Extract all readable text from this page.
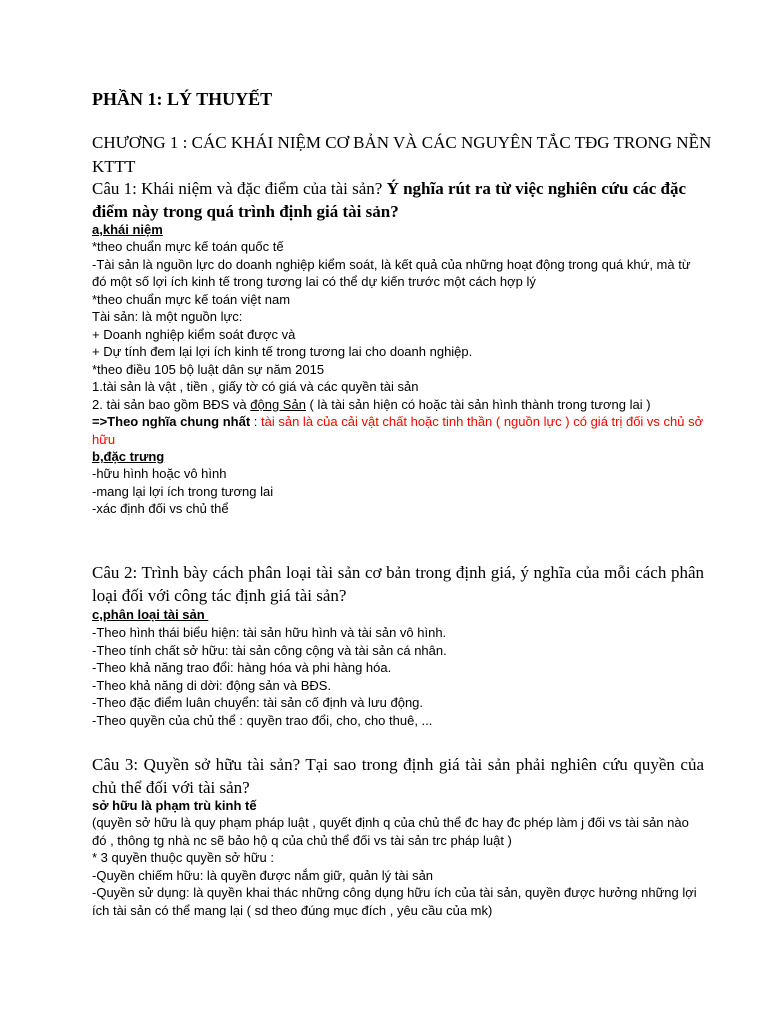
PHẦN 1: LÝ THUYẾT
CHƯƠNG 1 : CÁC KHÁI NIỆM CƠ BẢN VÀ CÁC NGUYÊN TẮC TĐG TRONG NỀN KTTT
Câu 1: Khái niệm và đặc điểm của tài sản? Ý nghĩa rút ra từ việc nghiên cứu các đặc điểm này trong quá trình định giá tài sản?
a,khái niệm
*theo chuẩn mực kế toán quốc tế
-Tài sản là nguồn lực do doanh nghiệp kiểm soát, là kết quả của những hoạt động trong quá khứ, mà từ đó một số lợi ích kinh tế trong tương lai có thể dự kiến trước một cách hợp lý
*theo chuẩn mực kế toán việt nam
Tài sản: là một nguồn lực:
+ Doanh nghiệp kiểm soát được và
+ Dự tính đem lại lợi ích kinh tế trong tương lai cho doanh nghiệp.
*theo điều 105 bộ luật dân sự năm 2015
1.tài sản là vật , tiền , giấy tờ có giá và các quyền tài sản
2. tài sản bao gồm BĐS và động Sản ( là tài sản hiện có hoặc tài sản hình thành trong tương lai )
=>Theo nghĩa chung nhất : tài sản là của cải vật chất hoặc tinh thần ( nguồn lực ) có giá trị đối vs chủ sở hữu
b,đặc trưng
-hữu hình hoặc vô hình
-mang lại lợi ích trong tương lai
-xác định đối vs chủ thể
Câu 2: Trình bày cách phân loại tài sản cơ bản trong định giá, ý nghĩa của mỗi cách phân loại đối với công tác định giá tài sản?
c,phân loại tài sản
-Theo hình thái biểu hiện: tài sản hữu hình và tài sản vô hình.
-Theo tính chất sở hữu: tài sản công cộng và tài sản cá nhân.
-Theo khả năng trao đổi: hàng hóa và phi hàng hóa.
-Theo khả năng di dời: động sản và BĐS.
-Theo đặc điểm luân chuyển: tài sản cố định và lưu động.
-Theo quyền của chủ thể : quyền trao đổi, cho, cho thuê, ...
Câu 3: Quyền sở hữu tài sản? Tại sao trong định giá tài sản phải nghiên cứu quyền của chủ thể đối với tài sản?
sở hữu là phạm trù kinh tế
(quyền sở hữu là quy phạm pháp luật , quyết định q của chủ thể đc hay đc phép làm j đối vs tài sản nào đó , thông tg nhà nc sẽ bảo hộ q của chủ thể đối vs tài sản trc pháp luật )
* 3 quyền thuộc quyền sở hữu :
-Quyền chiếm hữu: là quyền được nắm giữ, quản lý tài sản
-Quyền sử dụng: là quyền khai thác những công dụng hữu ích của tài sản, quyền được hưởng những lợi ích tài sản có thể mang lại ( sd theo đúng mục đích , yêu cầu của mk)
